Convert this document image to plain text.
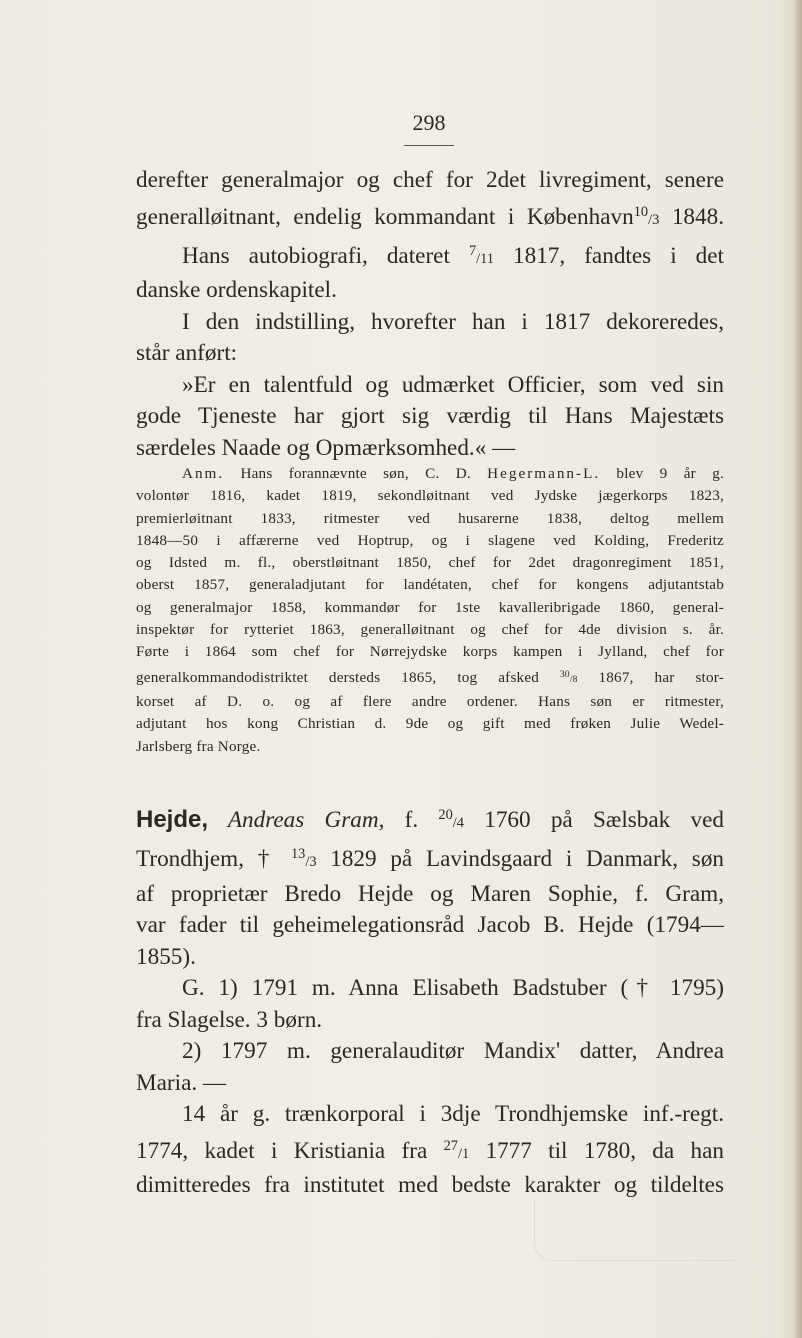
298
derefter generalmajor og chef for 2det livregiment, senere
generalløitnant, endelig kommandant i København$^{10}$/3 1848.
Hans autobiografi, dateret $^7$/11 1817, fandtes i det
danske ordenskapitel.
I den indstilling, hvorefter han i 1817 dekoreredes,
står anført:
»Er en talentfuld og udmærket Officier, som ved sin
gode Tjeneste har gjort sig værdig til Hans Majestæts
særdeles Naade og Opmærksomhed.« —
Anm. Hans forannævnte søn, C. D. Hegermann-L. blev 9 år g.
volontør 1816, kadet 1819, sekondløitnant ved Jydske jægerkorps 1823,
premierløitnant 1833, ritmester ved husarerne 1838, deltog mellem
1848—50 i affærerne ved Hoptrup, og i slagene ved Kolding, Frederitz
og Idsted m. fl., oberstløitnant 1850, chef for 2det dragonregiment 1851,
oberst 1857, generaladjutant for landétaten, chef for kongens adjutantstab
og generalmajor 1858, kommandør for 1ste kavalleribrigade 1860, general-
inspektør for rytteriet 1863, generalløitnant og chef for 4de division s. år.
Førte i 1864 som chef for Nørrejydske korps kampen i Jylland, chef for
generalkommandodistriktet dersteds 1865, tog afsked $^{30}$/8 1867, har stor-
korset af D. o. og af flere andre ordener. Hans søn er ritmester,
adjutant hos kong Christian d. 9de og gift med frøken Julie Wedel-
Jarlsberg fra Norge.
Hejde, Andreas Gram, f. $^{20}$/4 1760 på Sælsbak ved
Trondhjem, † $^{13}$/3 1829 på Lavindsgaard i Danmark, søn
af proprietær Bredo Hejde og Maren Sophie, f. Gram,
var fader til geheimelegationsråd Jacob B. Hejde (1794—
1855).
G. 1) 1791 m. Anna Elisabeth Badstuber († 1795)
fra Slagelse. 3 børn.
2) 1797 m. generalauditør Mandix' datter, Andrea
Maria. —
14 år g. trænkorporal i 3dje Trondhjemske inf.-regt.
1774, kadet i Kristiania fra $^{27}$/1 1777 til 1780, da han
dimitteredes fra institutet med bedste karakter og tildeltes
